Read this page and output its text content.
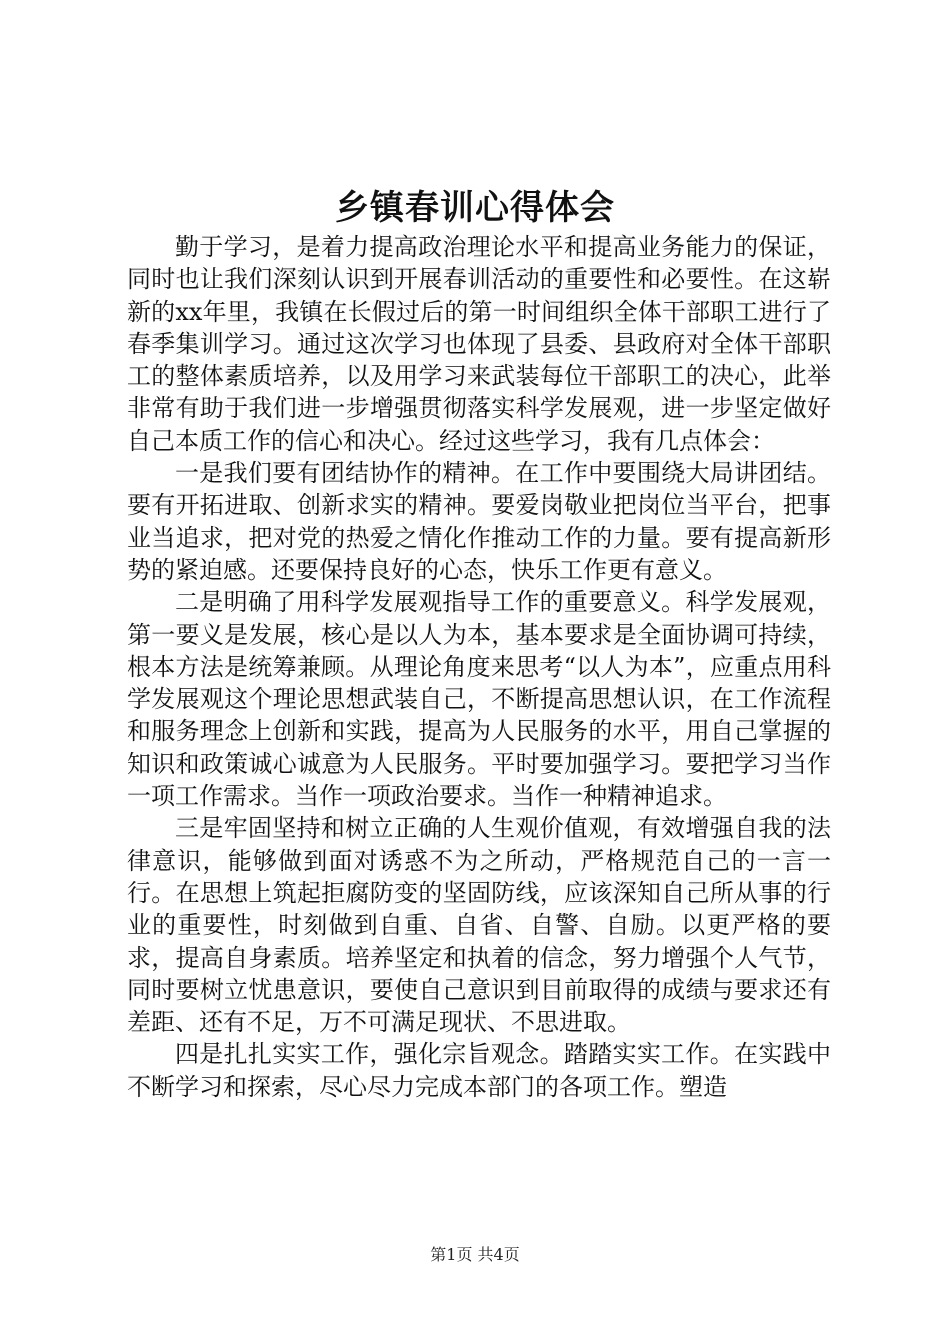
乡镇春训心得体会

勤于学习，是着力提高政治理论水平和提高业务能力的保证，同时也让我们深刻认识到开展春训活动的重要性和必要性。在这崭新的xx年里，我镇在长假过后的第一时间组织全体干部职工进行了春季集训学习。通过这次学习也体现了县委、县政府对全体干部职工的整体素质培养，以及用学习来武装每位干部职工的决心，此举非常有助于我们进一步增强贯彻落实科学发展观，进一步坚定做好自己本质工作的信心和决心。经过这些学习，我有几点体会：

一是我们要有团结协作的精神。在工作中要围绕大局讲团结。要有开拓进取、创新求实的精神。要爱岗敬业把岗位当平台，把事业当追求，把对党的热爱之情化作推动工作的力量。要有提高新形势的紧迫感。还要保持良好的心态，快乐工作更有意义。

二是明确了用科学发展观指导工作的重要意义。科学发展观，第一要义是发展，核心是以人为本，基本要求是全面协调可持续，根本方法是统筹兼顾。从理论角度来思考“以人为本”，应重点用科学发展观这个理论思想武装自己，不断提高思想认识，在工作流程和服务理念上创新和实践，提高为人民服务的水平，用自己掌握的知识和政策诚心诚意为人民服务。平时要加强学习。要把学习当作一项工作需求。当作一项政治要求。当作一种精神追求。

三是牢固坚持和树立正确的人生观价值观，有效增强自我的法律意识，能够做到面对诱惑不为之所动，严格规范自己的一言一行。在思想上筑起拒腐防变的坚固防线，应该深知自己所从事的行业的重要性，时刻做到自重、自省、自警、自励。以更严格的要求，提高自身素质。培养坚定和执着的信念，努力增强个人气节，同时要树立忧患意识，要使自己意识到目前取得的成绩与要求还有差距、还有不足，万不可满足现状、不思进取。

四是扎扎实实工作，强化宗旨观念。踏踏实实工作。在实践中不断学习和探索，尽心尽力完成本部门的各项工作。塑造

第1页 共4页
